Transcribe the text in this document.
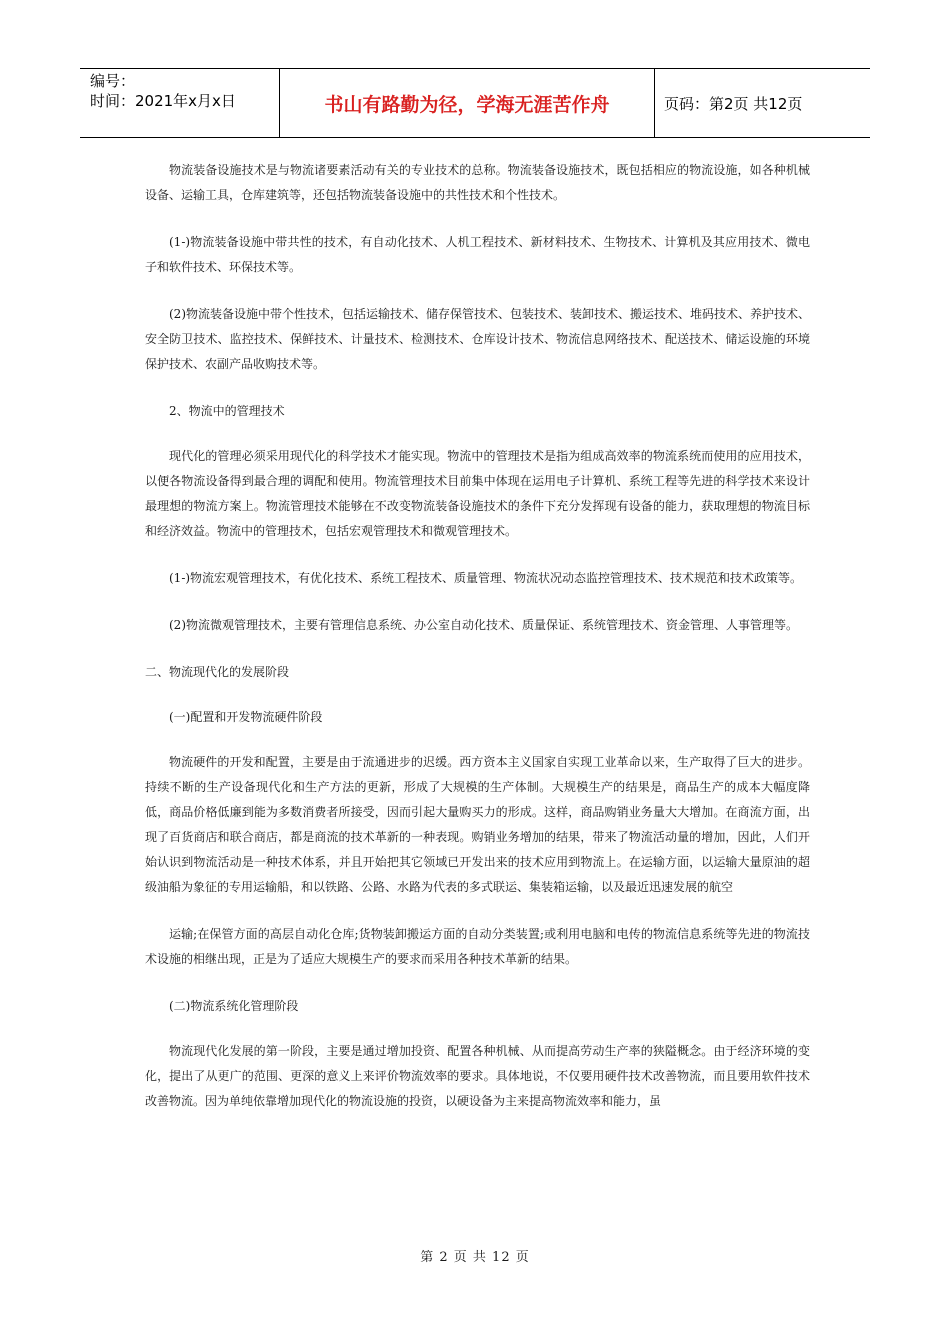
编号：
时间：2021年x月x日	书山有路勤为径，学海无涯苦作舟	页码：第2页 共12页

物流装备设施技术是与物流诸要素活动有关的专业技术的总称。物流装备设施技术，既包括相应的物流设施，如各种机械设备、运输工具，仓库建筑等，还包括物流装备设施中的共性技术和个性技术。

(1-)物流装备设施中带共性的技术，有自动化技术、人机工程技术、新材料技术、生物技术、计算机及其应用技术、微电子和软件技术、环保技术等。

(2)物流装备设施中带个性技术，包括运输技术、储存保管技术、包装技术、装卸技术、搬运技术、堆码技术、养护技术、安全防卫技术、监控技术、保鲜技术、计量技术、检测技术、仓库设计技术、物流信息网络技术、配送技术、储运设施的环境保护技术、农副产品收购技术等。

2、物流中的管理技术

现代化的管理必须采用现代化的科学技术才能实现。物流中的管理技术是指为组成高效率的物流系统而使用的应用技术，以便各物流设备得到最合理的调配和使用。物流管理技术目前集中体现在运用电子计算机、系统工程等先进的科学技术来设计最理想的物流方案上。物流管理技术能够在不改变物流装备设施技术的条件下充分发挥现有设备的能力，获取理想的物流目标和经济效益。物流中的管理技术，包括宏观管理技术和微观管理技术。

(1-)物流宏观管理技术，有优化技术、系统工程技术、质量管理、物流状况动态监控管理技术、技术规范和技术政策等。

(2)物流微观管理技术，主要有管理信息系统、办公室自动化技术、质量保证、系统管理技术、资金管理、人事管理等。

二、物流现代化的发展阶段

(一)配置和开发物流硬件阶段

物流硬件的开发和配置，主要是由于流通进步的迟缓。西方资本主义国家自实现工业革命以来，生产取得了巨大的进步。持续不断的生产设备现代化和生产方法的更新，形成了大规模的生产体制。大规模生产的结果是，商品生产的成本大幅度降低，商品价格低廉到能为多数消费者所接受，因而引起大量购买力的形成。这样，商品购销业务量大大增加。在商流方面，出现了百货商店和联合商店，都是商流的技术革新的一种表现。购销业务增加的结果，带来了物流活动量的增加，因此，人们开始认识到物流活动是一种技术体系，并且开始把其它领域已开发出来的技术应用到物流上。在运输方面，以运输大量原油的超级油船为象征的专用运输船，和以铁路、公路、水路为代表的多式联运、集装箱运输，以及最近迅速发展的航空

运输;在保管方面的高层自动化仓库;货物装卸搬运方面的自动分类装置;或利用电脑和电传的物流信息系统等先进的物流技术设施的相继出现，正是为了适应大规模生产的要求而采用各种技术革新的结果。

(二)物流系统化管理阶段

物流现代化发展的第一阶段，主要是通过增加投资、配置各种机械、从而提高劳动生产率的狭隘概念。由于经济环境的变化，提出了从更广的范围、更深的意义上来评价物流效率的要求。具体地说，不仅要用硬件技术改善物流，而且要用软件技术改善物流。因为单纯依靠增加现代化的物流设施的投资，以硬设备为主来提高物流效率和能力，虽

第 2 页 共 12 页
